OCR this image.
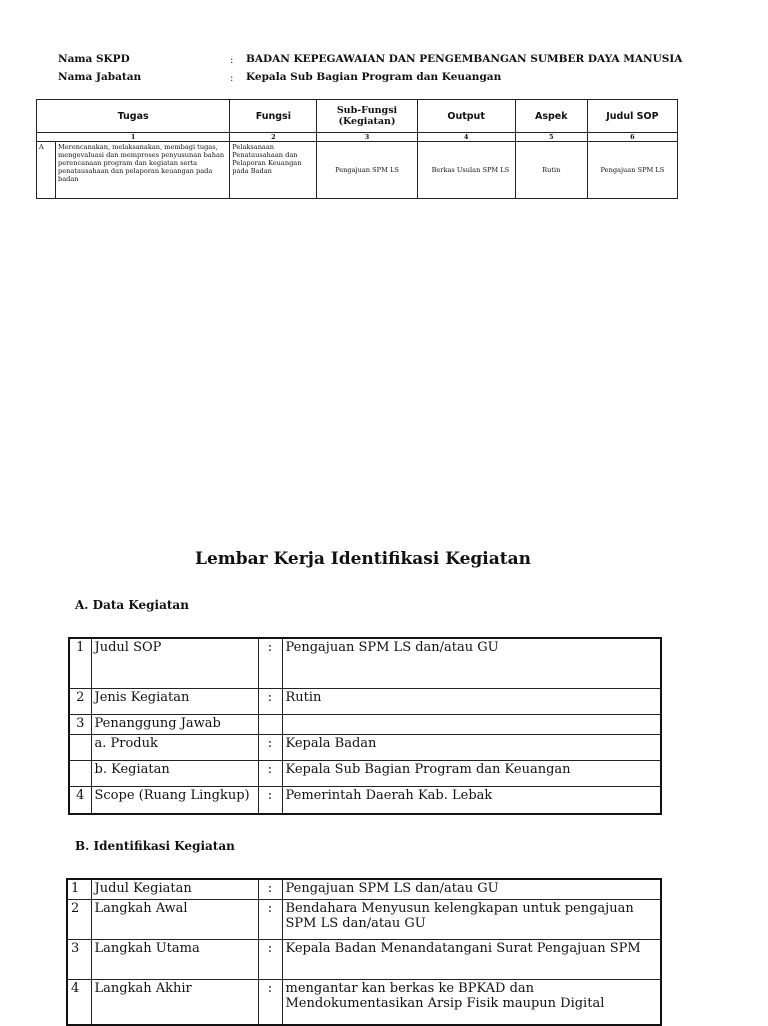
Nama SKPD	: BADAN KEPEGAWAIAN DAN PENGEMBANGAN SUMBER DAYA MANUSIA
Nama Jabatan	: Kepala Sub Bagian Program dan Keuangan
Tugas		Fungsi	Sub-Fungsi (Kegiatan)	Output	Aspek	Judul SOP
1		2	3	4	5	6
A	Merencanakan, melaksanakan, membagi tugas, mengevaluasi dan memproses penyusunan bahan perencanaan program dan kegiatan serta penatausahaan dan pelaporan keuangan pada badan	Pelaksanaan Penatausahaan dan Pelaporan Keuangan pada Badan	Pengajuan SPM LS	Berkas Usulan SPM LS	Rutin	Pengajuan SPM LS
Lembar Kerja Identifikasi Kegiatan
A. Data Kegiatan
1	Judul SOP	:	Pengajuan SPM LS dan/atau GU
2	Jenis Kegiatan	:	Rutin
3	Penanggung Jawab		
	a. Produk	:	Kepala Badan
	b. Kegiatan	:	Kepala Sub Bagian Program dan Keuangan
4	Scope (Ruang Lingkup)	:	Pemerintah Daerah Kab. Lebak
B. Identifikasi Kegiatan
1	Judul Kegiatan	:	Pengajuan SPM LS dan/atau GU
2	Langkah Awal	:	Bendahara Menyusun kelengkapan untuk pengajuan SPM LS dan/atau GU
3	Langkah Utama	:	Kepala Badan Menandatangani Surat Pengajuan SPM
4	Langkah Akhir	:	mengantar kan berkas ke BPKAD dan Mendokumentasikan Arsip Fisik maupun Digital
